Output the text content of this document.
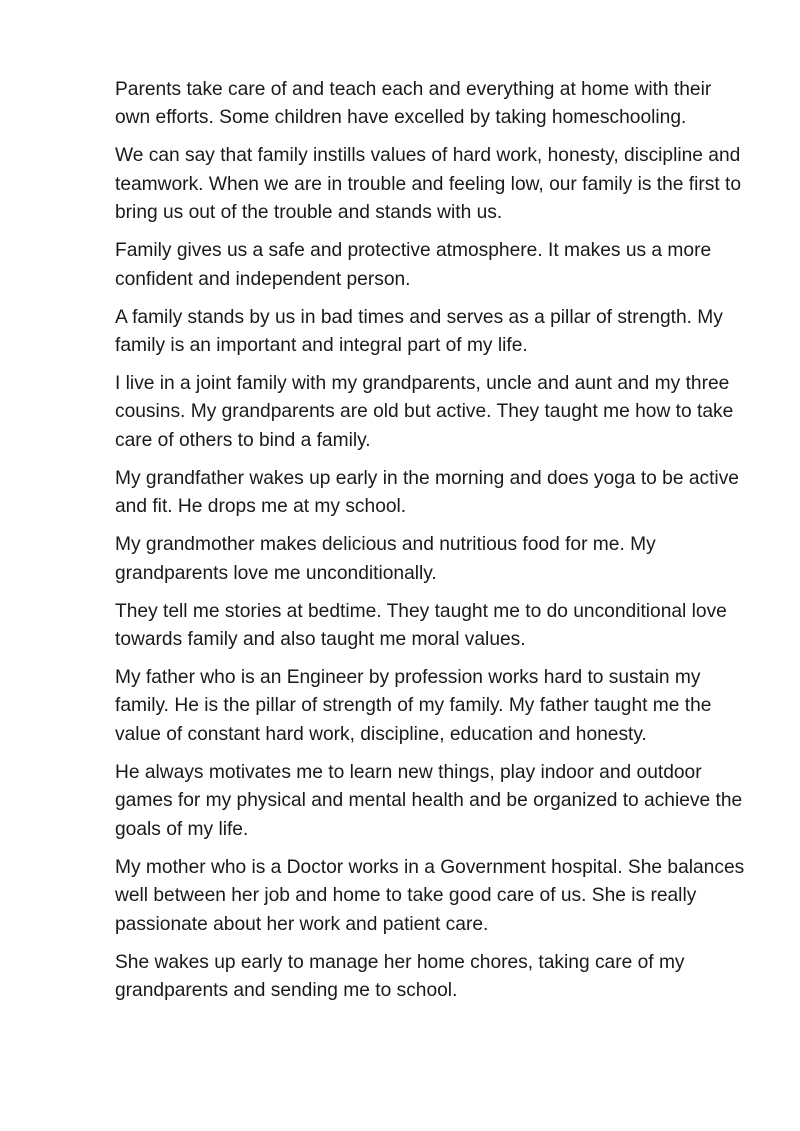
Parents take care of and teach each and everything at home with their own efforts. Some children have excelled by taking homeschooling.

We can say that family instills values of hard work, honesty, discipline and teamwork. When we are in trouble and feeling low, our family is the first to bring us out of the trouble and stands with us.

Family gives us a safe and protective atmosphere. It makes us a more confident and independent person.

A family stands by us in bad times and serves as a pillar of strength. My family is an important and integral part of my life.

I live in a joint family with my grandparents, uncle and aunt and my three cousins. My grandparents are old but active. They taught me how to take care of others to bind a family.

My grandfather wakes up early in the morning and does yoga to be active and fit. He drops me at my school.

My grandmother makes delicious and nutritious food for me. My grandparents love me unconditionally.

They tell me stories at bedtime. They taught me to do unconditional love towards family and also taught me moral values.

My father who is an Engineer by profession works hard to sustain my family. He is the pillar of strength of my family. My father taught me the value of constant hard work, discipline, education and honesty.

He always motivates me to learn new things, play indoor and outdoor games for my physical and mental health and be organized to achieve the goals of my life.

My mother who is a Doctor works in a Government hospital. She balances well between her job and home to take good care of us. She is really passionate about her work and patient care.

She wakes up early to manage her home chores, taking care of my grandparents and sending me to school.
